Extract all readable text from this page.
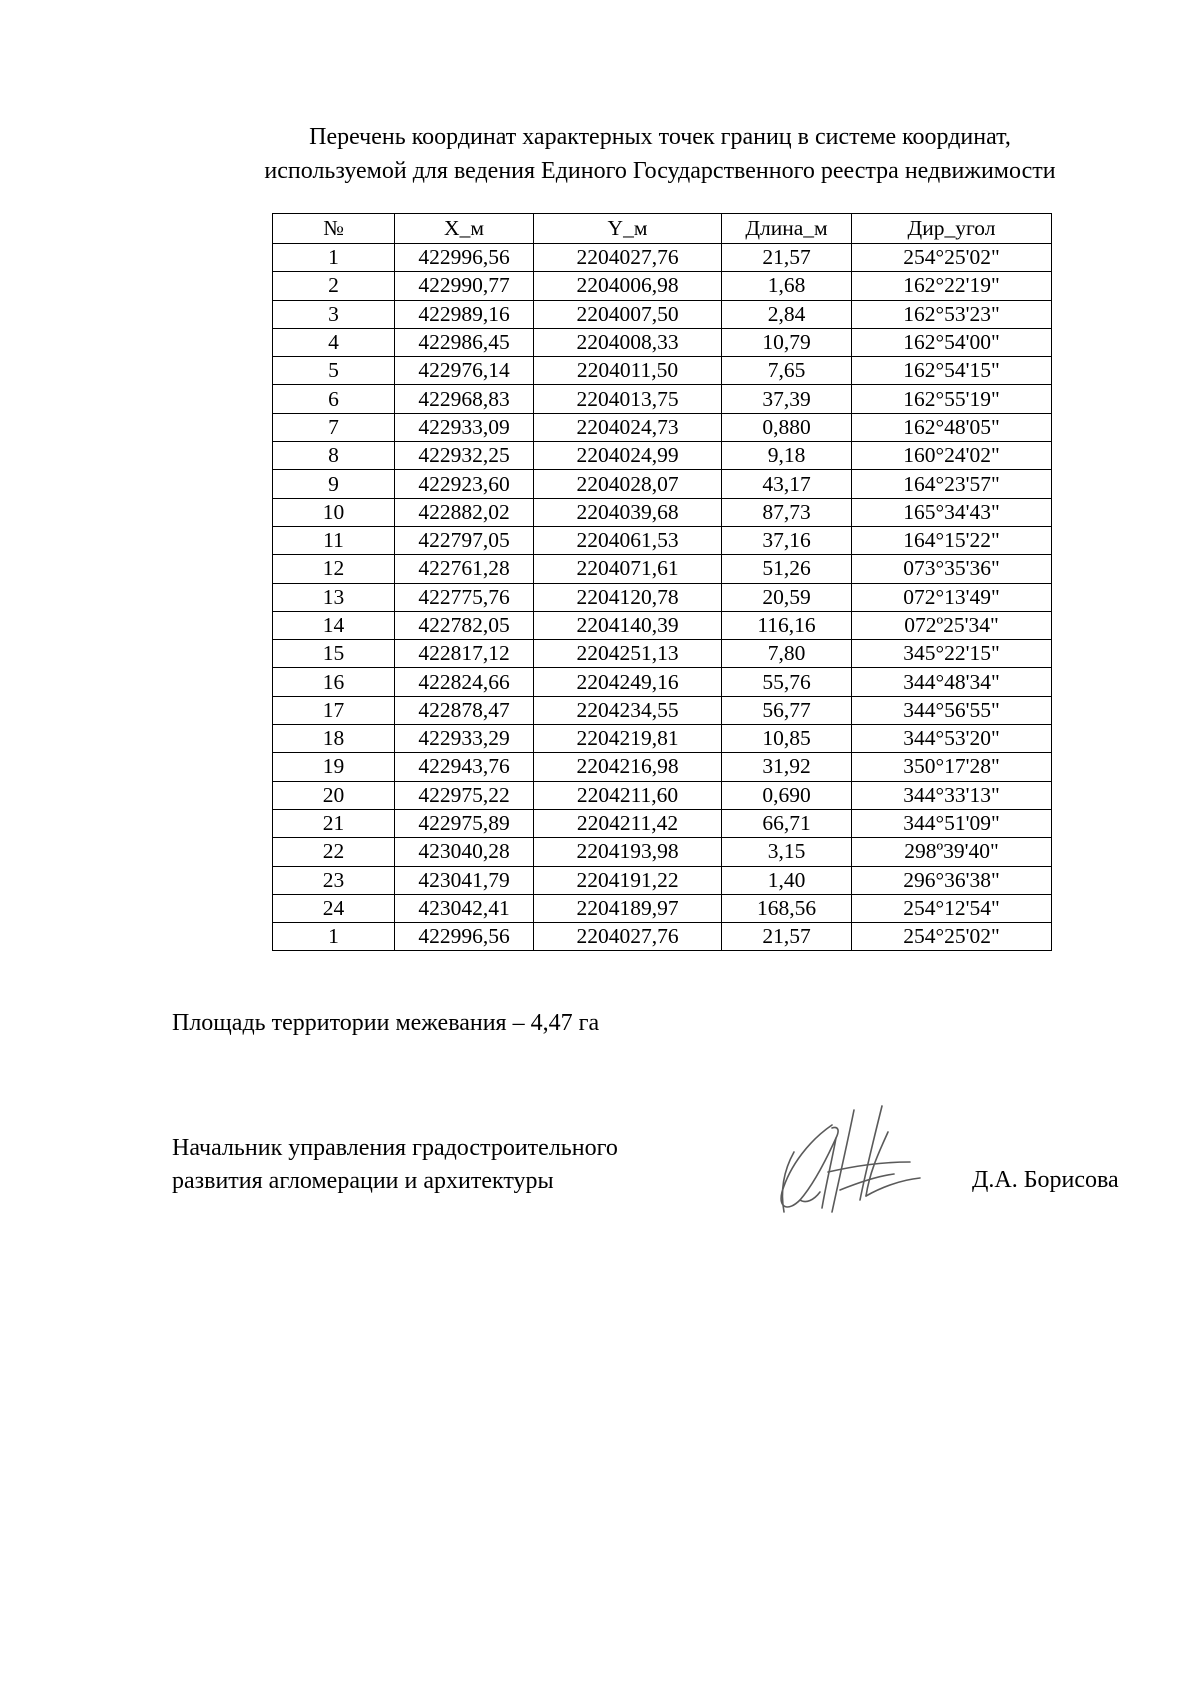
Перечень координат характерных точек границ в системе координат,
используемой для ведения Единого Государственного реестра недвижимости
№	X_м	Y_м	Длина_м	Дир_угол
1	422996,56	2204027,76	21,57	254°25'02"
2	422990,77	2204006,98	1,68	162°22'19"
3	422989,16	2204007,50	2,84	162°53'23"
4	422986,45	2204008,33	10,79	162°54'00"
5	422976,14	2204011,50	7,65	162°54'15"
6	422968,83	2204013,75	37,39	162°55'19"
7	422933,09	2204024,73	0,880	162°48'05"
8	422932,25	2204024,99	9,18	160°24'02"
9	422923,60	2204028,07	43,17	164°23'57"
10	422882,02	2204039,68	87,73	165°34'43"
11	422797,05	2204061,53	37,16	164°15'22"
12	422761,28	2204071,61	51,26	073°35'36"
13	422775,76	2204120,78	20,59	072°13'49"
14	422782,05	2204140,39	116,16	072º25'34"
15	422817,12	2204251,13	7,80	345°22'15"
16	422824,66	2204249,16	55,76	344°48'34"
17	422878,47	2204234,55	56,77	344°56'55"
18	422933,29	2204219,81	10,85	344°53'20"
19	422943,76	2204216,98	31,92	350°17'28"
20	422975,22	2204211,60	0,690	344°33'13"
21	422975,89	2204211,42	66,71	344°51'09"
22	423040,28	2204193,98	3,15	298º39'40"
23	423041,79	2204191,22	1,40	296°36'38"
24	423042,41	2204189,97	168,56	254°12'54"
1	422996,56	2204027,76	21,57	254°25'02"
Площадь территории межевания – 4,47 га
Начальник управления градостроительного
развития агломерации и архитектуры	Д.А. Борисова
